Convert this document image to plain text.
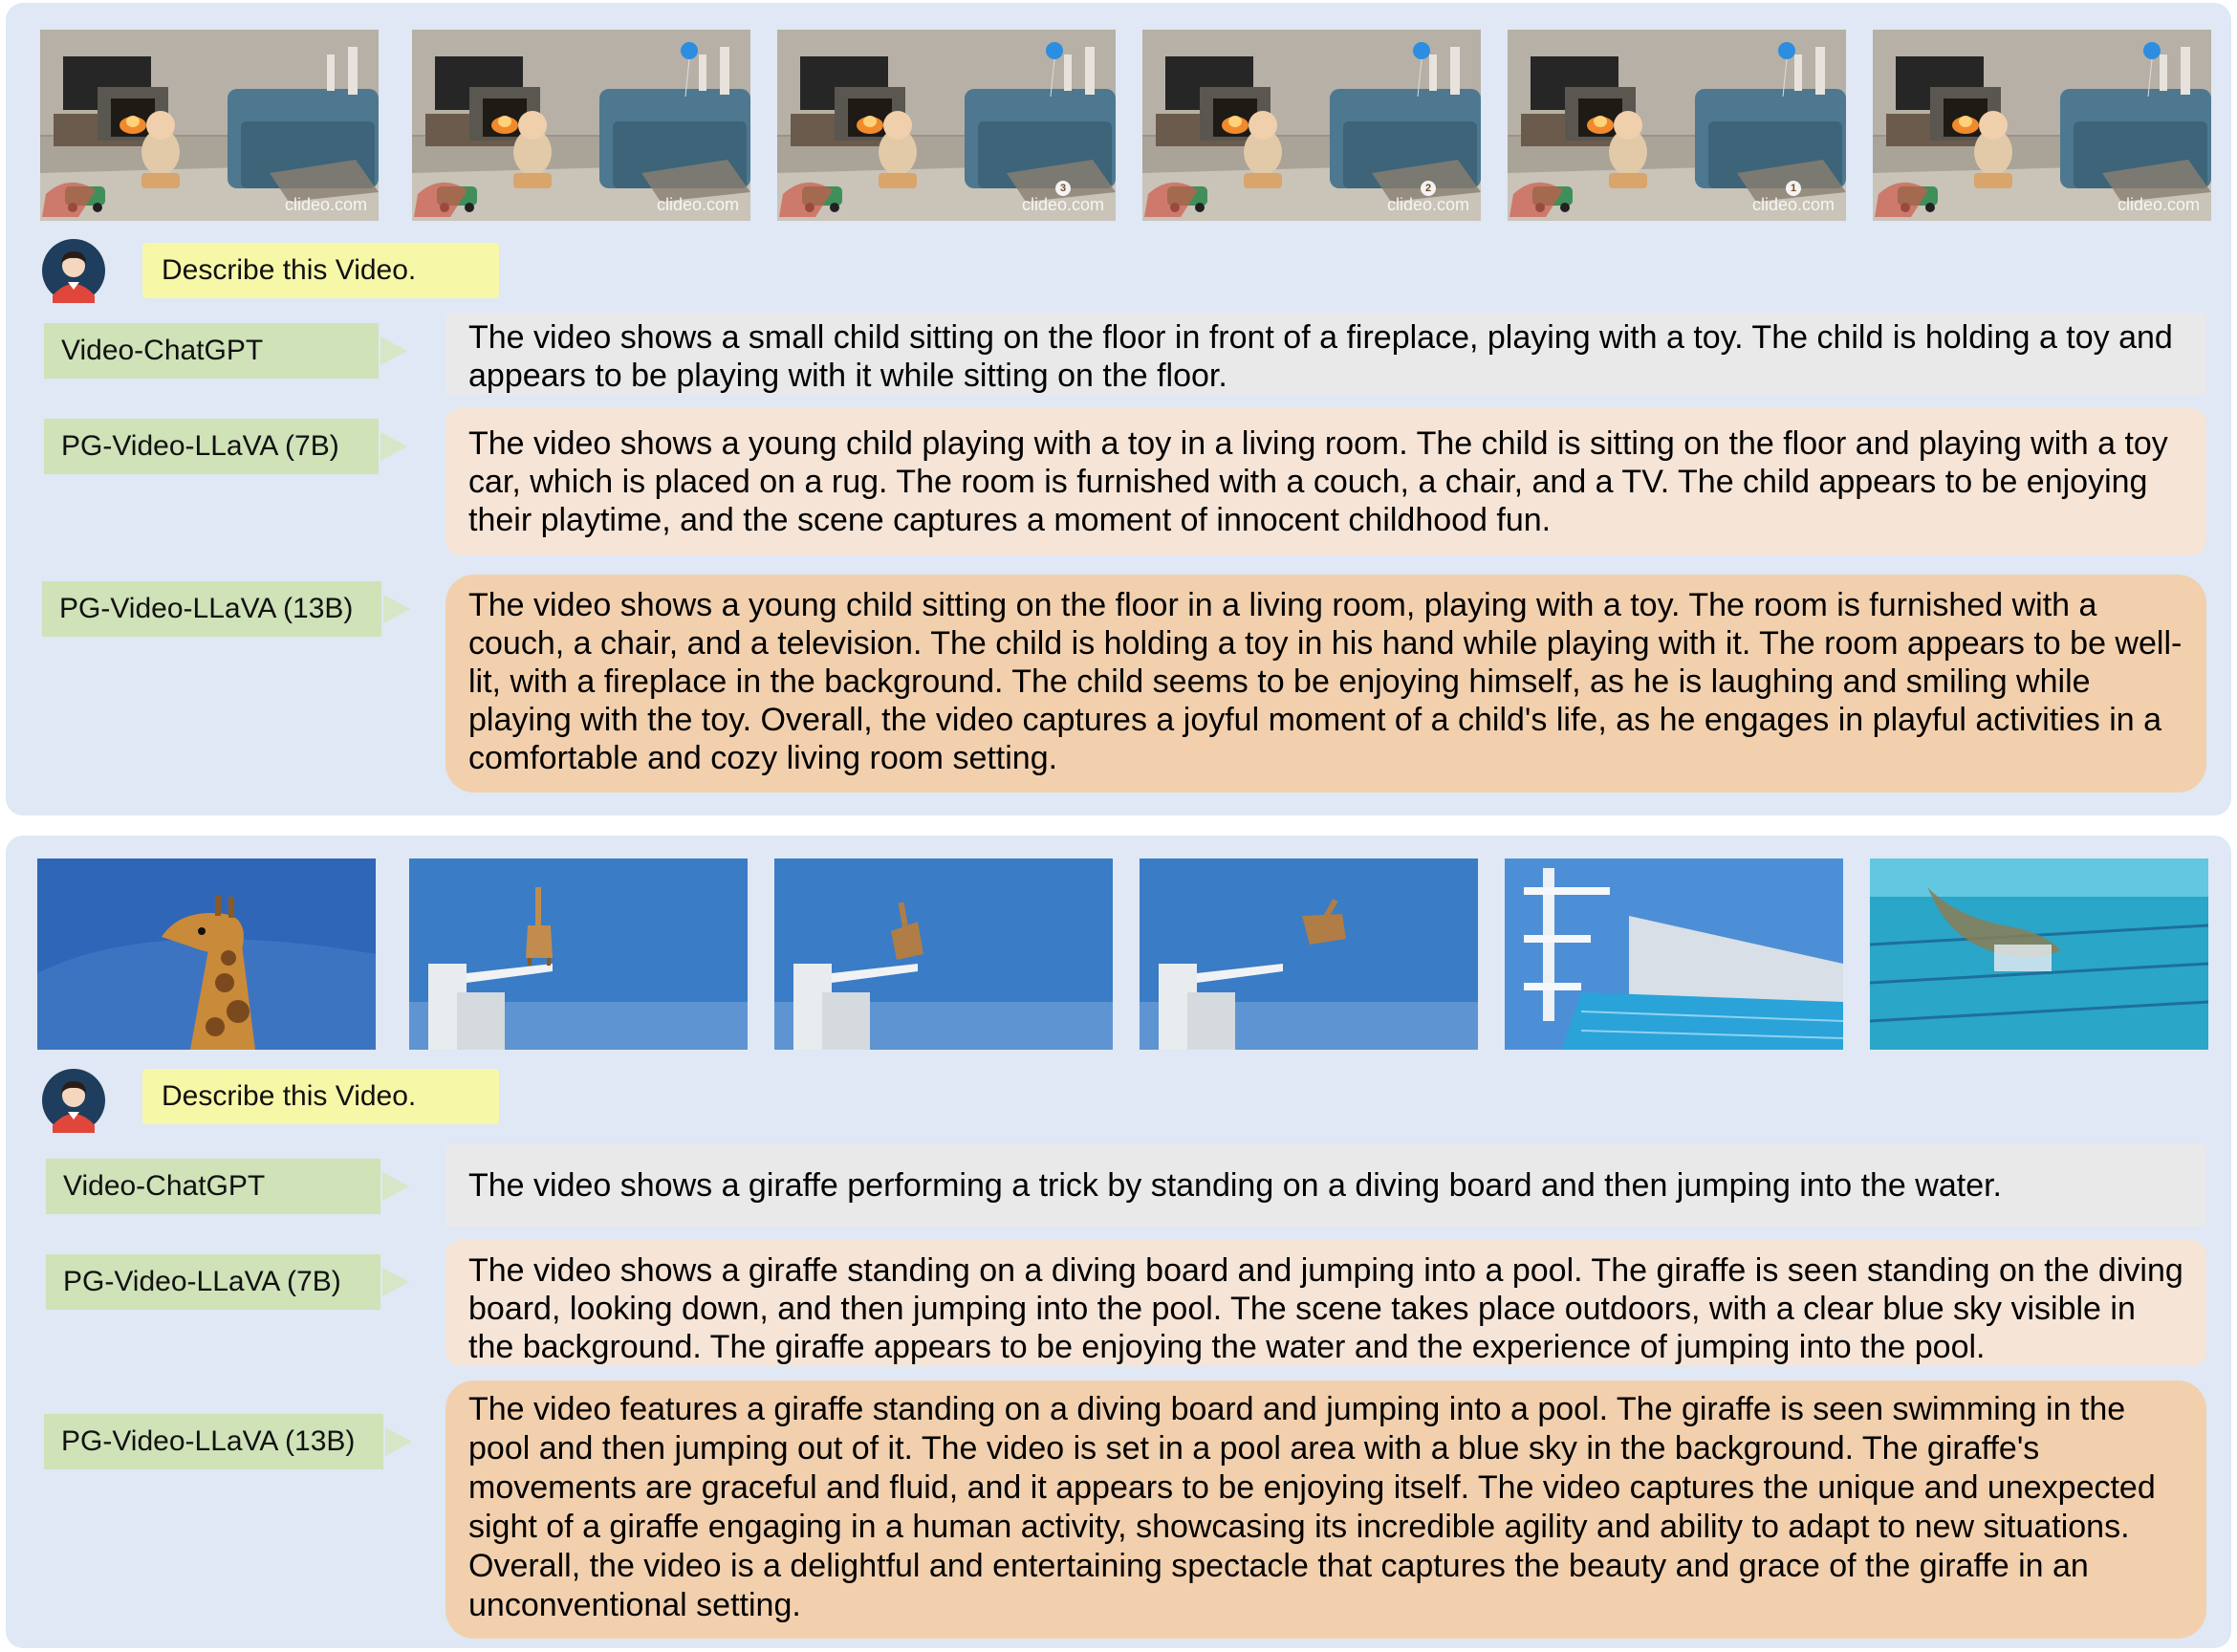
clideo.com	clideo.com
3
clideo.com
2
clideo.com
1
clideo.com	clideo.com
Describe this Video.
Video-ChatGPT	The video shows a small child sitting on the floor in front of a fireplace, playing with a toy. The child is holding a toy and appears to be playing with it while sitting on the floor.
PG-Video-LLaVA (7B)	The video shows a young child playing with a toy in a living room. The child is sitting on the floor and playing with a toy car, which is placed on a rug. The room is furnished with a couch, a chair, and a TV. The child appears to be enjoying their playtime, and the scene captures a moment of innocent childhood fun.
PG-Video-LLaVA (13B)	The video shows a young child sitting on the floor in a living room, playing with a toy. The room is furnished with a couch, a chair, and a television. The child is holding a toy in his hand while playing with it. The room appears to be well-lit, with a fireplace in the background. The child seems to be enjoying himself, as he is laughing and smiling while playing with the toy. Overall, the video captures a joyful moment of a child's life, as he engages in playful activities in a comfortable and cozy living room setting.
Describe this Video.
Video-ChatGPT	The video shows a giraffe performing a trick by standing on a diving board and then jumping into the water.
PG-Video-LLaVA (7B)	The video shows a giraffe standing on a diving board and jumping into a pool. The giraffe is seen standing on the diving board, looking down, and then jumping into the pool. The scene takes place outdoors, with a clear blue sky visible in the background. The giraffe appears to be enjoying the water and the experience of jumping into the pool.
PG-Video-LLaVA (13B)
The video features a giraffe standing on a diving board and jumping into a pool. The giraffe is seen swimming in the pool and then jumping out of it. The video is set in a pool area with a blue sky in the background. The giraffe's movements are graceful and fluid, and it appears to be enjoying itself. The video captures the unique and unexpected sight of a giraffe engaging in a human activity, showcasing its incredible agility and ability to adapt to new situations. Overall, the video is a delightful and entertaining spectacle that captures the beauty and grace of the giraffe in an unconventional setting.
